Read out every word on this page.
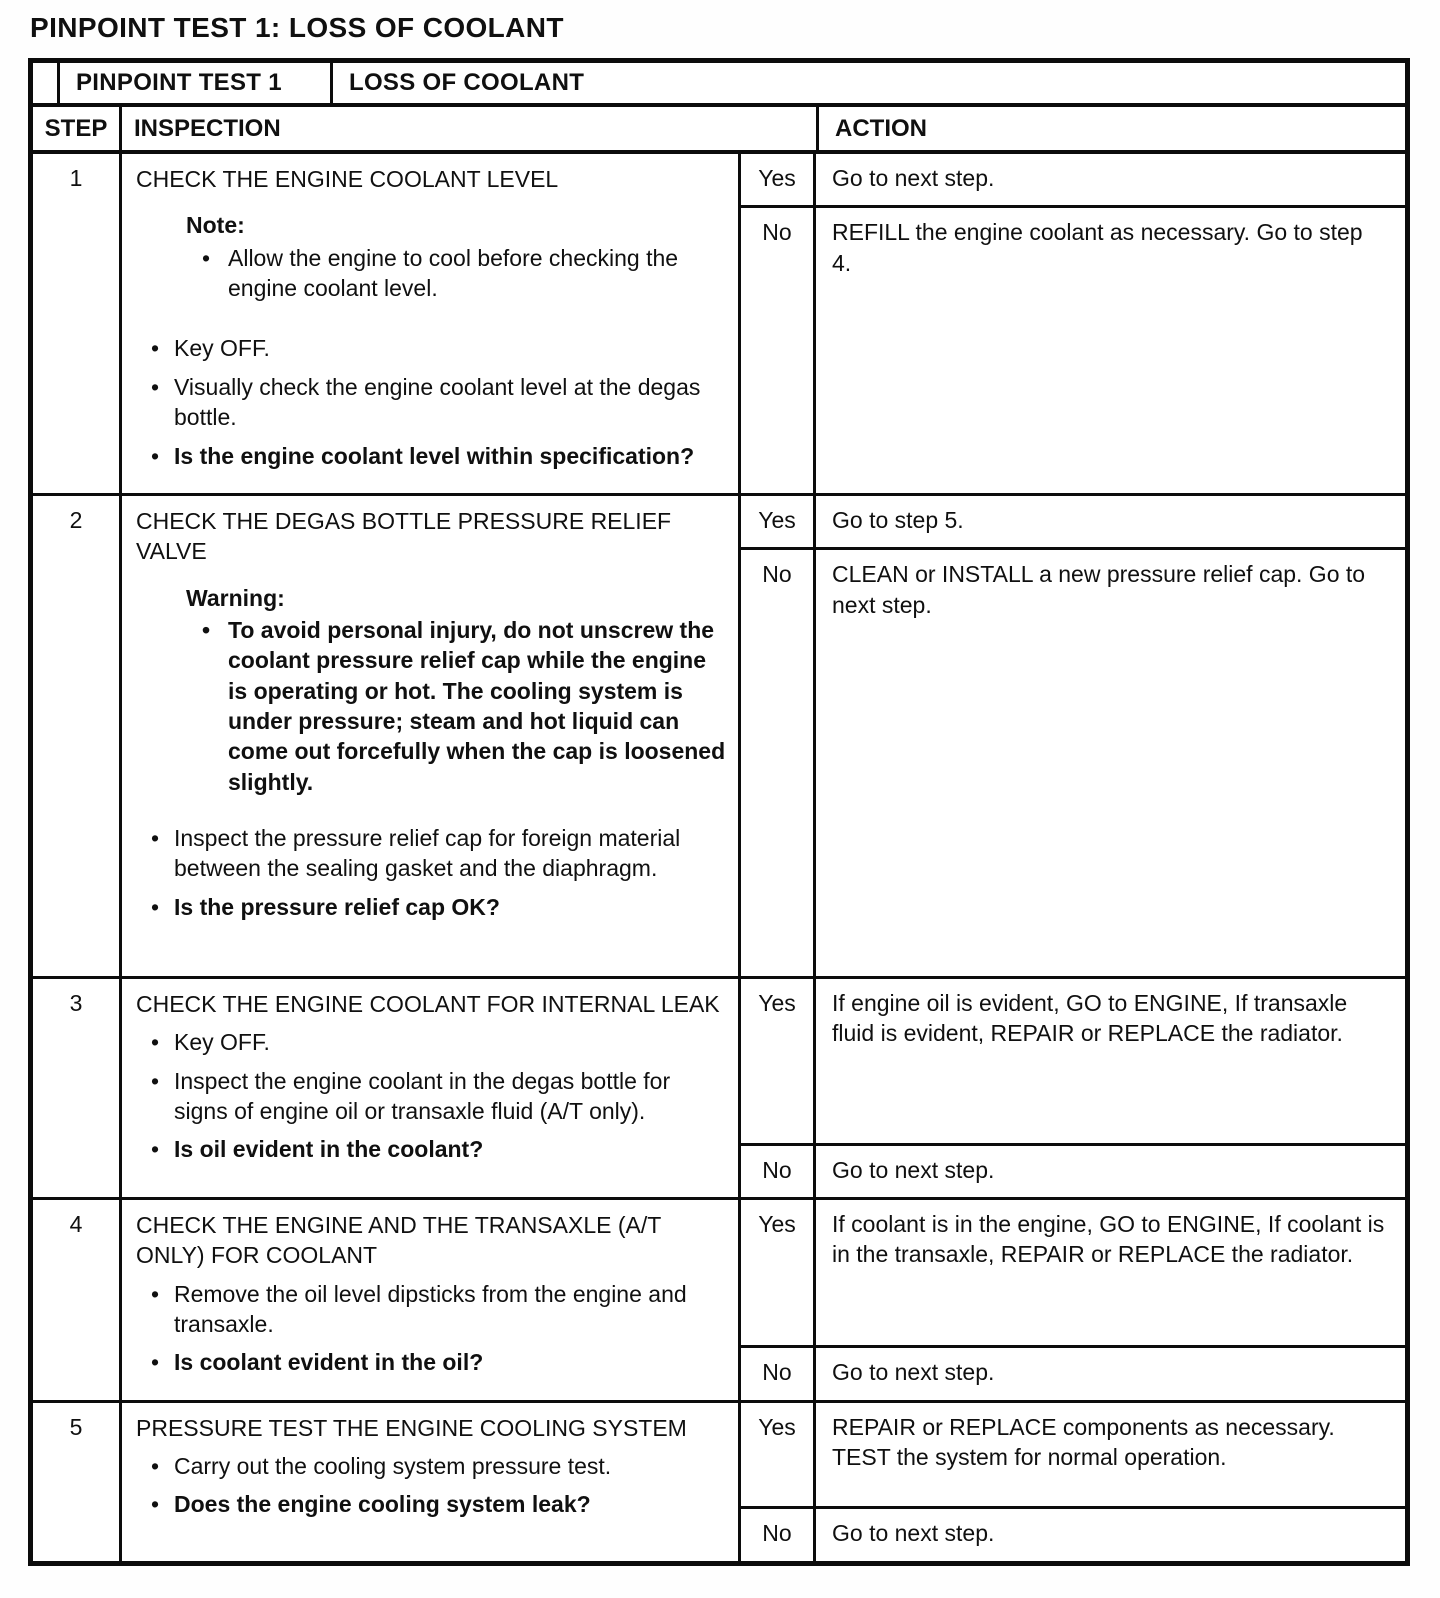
PINPOINT TEST 1: LOSS OF COOLANT
PINPOINT TEST 1	LOSS OF COOLANT
STEP	INSPECTION	ACTION
1	CHECK THE ENGINE COOLANT LEVEL
Note:
• Allow the engine to cool before checking the engine coolant level.
• Key OFF.
• Visually check the engine coolant level at the degas bottle.
• Is the engine coolant level within specification?
Yes	Go to next step.
No	REFILL the engine coolant as necessary. Go to step 4.
2	CHECK THE DEGAS BOTTLE PRESSURE RELIEF VALVE
Warning:
• To avoid personal injury, do not unscrew the coolant pressure relief cap while the engine is operating or hot. The cooling system is under pressure; steam and hot liquid can come out forcefully when the cap is loosened slightly.
• Inspect the pressure relief cap for foreign material between the sealing gasket and the diaphragm.
• Is the pressure relief cap OK?
Yes	Go to step 5.
No	CLEAN or INSTALL a new pressure relief cap. Go to next step.
3	CHECK THE ENGINE COOLANT FOR INTERNAL LEAK
• Key OFF.
• Inspect the engine coolant in the degas bottle for signs of engine oil or transaxle fluid (A/T only).
• Is oil evident in the coolant?
Yes	If engine oil is evident, GO to ENGINE, If transaxle fluid is evident, REPAIR or REPLACE the radiator.
No	Go to next step.
4	CHECK THE ENGINE AND THE TRANSAXLE (A/T ONLY) FOR COOLANT
• Remove the oil level dipsticks from the engine and transaxle.
• Is coolant evident in the oil?
Yes	If coolant is in the engine, GO to ENGINE, If coolant is in the transaxle, REPAIR or REPLACE the radiator.
No	Go to next step.
5	PRESSURE TEST THE ENGINE COOLING SYSTEM
• Carry out the cooling system pressure test.
• Does the engine cooling system leak?
Yes	REPAIR or REPLACE components as necessary. TEST the system for normal operation.
No	Go to next step.
